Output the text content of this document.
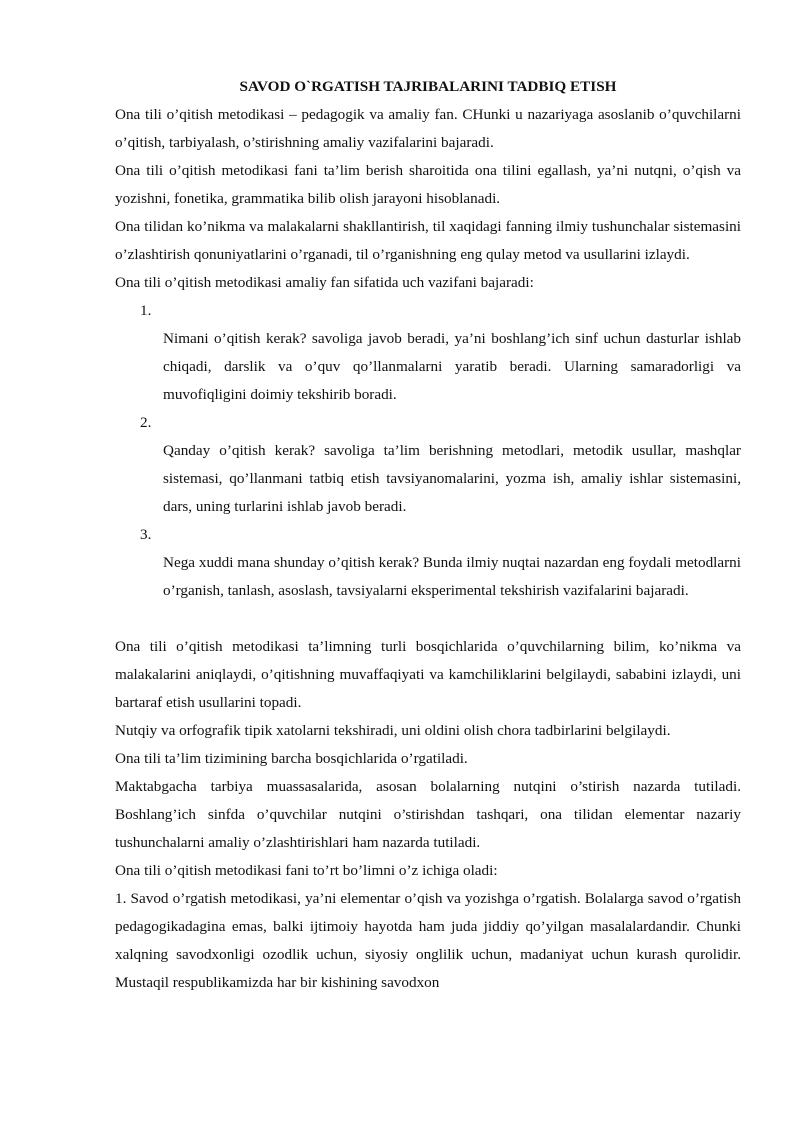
SAVOD O`RGATISH TAJRIBALARINI TADBIQ ETISH

Ona tili o’qitish metodikasi – pedagogik va amaliy fan. CHunki u nazariyaga asoslanib o’quvchilarni o’qitish, tarbiyalash, o’stirishning amaliy vazifalarini bajaradi.

Ona tili o’qitish metodikasi fani ta’lim berish sharoitida ona tilini egallash, ya’ni nutqni, o’qish va yozishni, fonetika, grammatika bilib olish jarayoni hisoblanadi.

Ona tilidan ko’nikma va malakalarni shakllantirish, til xaqidagi fanning ilmiy tushunchalar sistemasini o’zlashtirish qonuniyatlarini o’rganadi, til o’rganishning eng qulay metod va usullarini izlaydi.

Ona tili o’qitish metodikasi amaliy fan sifatida uch vazifani bajaradi:

1.
Nimani o’qitish kerak? savoliga javob beradi, ya’ni boshlang’ich sinf uchun dasturlar ishlab chiqadi, darslik va o’quv qo’llanmalarni yaratib beradi. Ularning samaradorligi va muvofiqligini doimiy tekshirib boradi.
2.
Qanday o’qitish kerak? savoliga ta’lim berishning metodlari, metodik usullar, mashqlar sistemasi, qo’llanmani tatbiq etish tavsiyanomalarini, yozma ish, amaliy ishlar sistemasini, dars, uning turlarini ishlab javob beradi.
3.
Nega xuddi mana shunday o’qitish kerak? Bunda ilmiy nuqtai nazardan eng foydali metodlarni o’rganish, tanlash, asoslash, tavsiyalarni eksperimental tekshirish vazifalarini bajaradi.

Ona tili o’qitish metodikasi ta’limning turli bosqichlarida o’quvchilarning bilim, ko’nikma va malakalarini aniqlaydi, o’qitishning muvaffaqiyati va kamchiliklarini belgilaydi, sababini izlaydi, uni bartaraf etish usullarini topadi.

Nutqiy va orfografik tipik xatolarni tekshiradi, uni oldini olish chora tadbirlarini belgilaydi.

Ona tili ta’lim tizimining barcha bosqichlarida o’rgatiladi.

Maktabgacha tarbiya muassasalarida, asosan bolalarning nutqini o’stirish nazarda tutiladi. Boshlang’ich sinfda o’quvchilar nutqini o’stirishdan tashqari, ona tilidan elementar nazariy tushunchalarni amaliy o’zlashtirishlari ham nazarda tutiladi.

Ona tili o’qitish metodikasi fani to’rt bo’limni o’z ichiga oladi:

1. Savod o’rgatish metodikasi, ya’ni elementar o’qish va yozishga o’rgatish. Bolalarga savod o’rgatish pedagogikadagina emas, balki ijtimoiy hayotda ham juda jiddiy qo’yilgan masalalardandir. Chunki xalqning savodxonligi ozodlik uchun, siyosiy onglilik uchun, madaniyat uchun kurash qurolidir. Mustaqil respublikamizda har bir kishining savodxon
